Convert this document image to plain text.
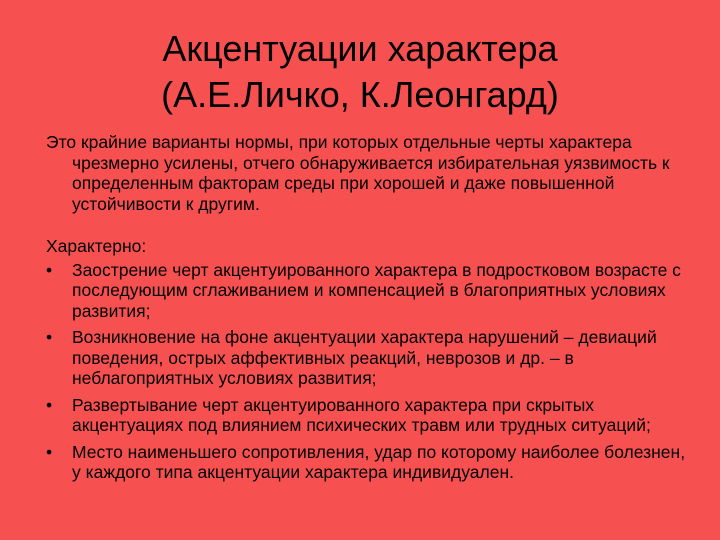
Акцентуации характера
(А.Е.Личко, К.Леонгард)

Это крайние варианты нормы, при которых отдельные черты характера чрезмерно усилены, отчего обнаруживается избирательная уязвимость к определенным факторам среды при хорошей и даже повышенной устойчивости к другим.

Характерно:

• Заострение черт акцентуированного характера в подростковом возрасте с последующим сглаживанием и компенсацией в благоприятных условиях развития;
• Возникновение на фоне акцентуации характера нарушений – девиаций поведения, острых аффективных реакций, неврозов и др. – в неблагоприятных условиях развития;
• Развертывание черт акцентуированного характера при скрытых акцентуациях под влиянием психических травм или трудных ситуаций;
• Место наименьшего сопротивления, удар по которому наиболее болезнен, у каждого типа акцентуации характера индивидуален.
